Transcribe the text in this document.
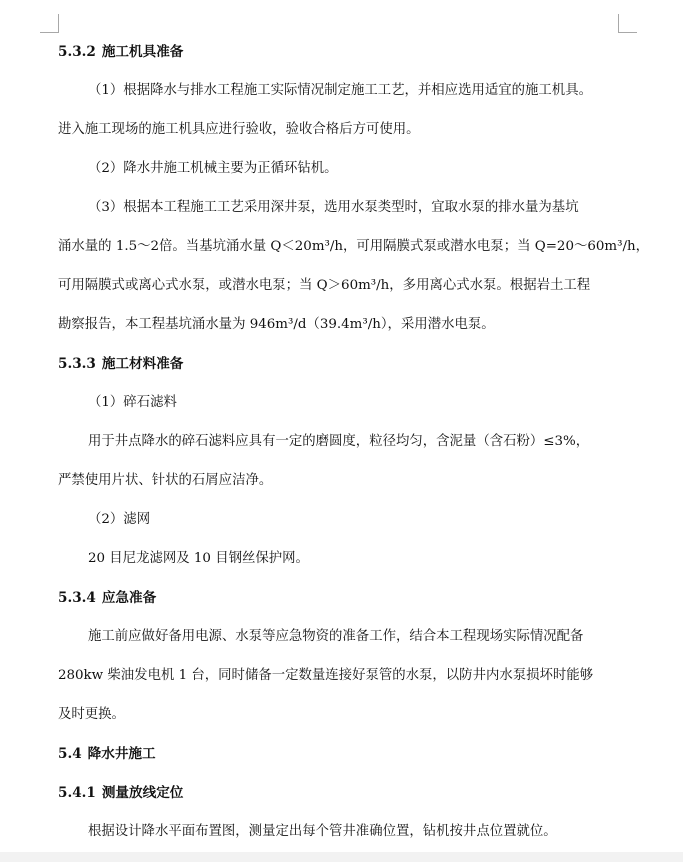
5.3.2 施工机具准备
（1）根据降水与排水工程施工实际情况制定施工工艺，并相应选用适宜的施工机具。
进入施工现场的施工机具应进行验收，验收合格后方可使用。
（2）降水井施工机械主要为正循环钻机。
（3）根据本工程施工工艺采用深井泵，选用水泵类型时，宜取水泵的排水量为基坑
涌水量的 1.5～2倍。当基坑涌水量 Q＜20m³/h，可用隔膜式泵或潜水电泵；当 Q=20～60m³/h，
可用隔膜式或离心式水泵，或潜水电泵；当 Q＞60m³/h，多用离心式水泵。根据岩土工程
勘察报告，本工程基坑涌水量为 946m³/d（39.4m³/h），采用潜水电泵。
5.3.3 施工材料准备
（1）碎石滤料
用于井点降水的碎石滤料应具有一定的磨圆度，粒径均匀，含泥量（含石粉）≤3%，
严禁使用片状、针状的石屑应洁净。
（2）滤网
20 目尼龙滤网及 10 目钢丝保护网。
5.3.4 应急准备
施工前应做好备用电源、水泵等应急物资的准备工作，结合本工程现场实际情况配备
280kw 柴油发电机 1 台，同时储备一定数量连接好泵管的水泵，以防井内水泵损坏时能够
及时更换。
5.4 降水井施工
5.4.1 测量放线定位
根据设计降水平面布置图，测量定出每个管井准确位置，钻机按井点位置就位。
